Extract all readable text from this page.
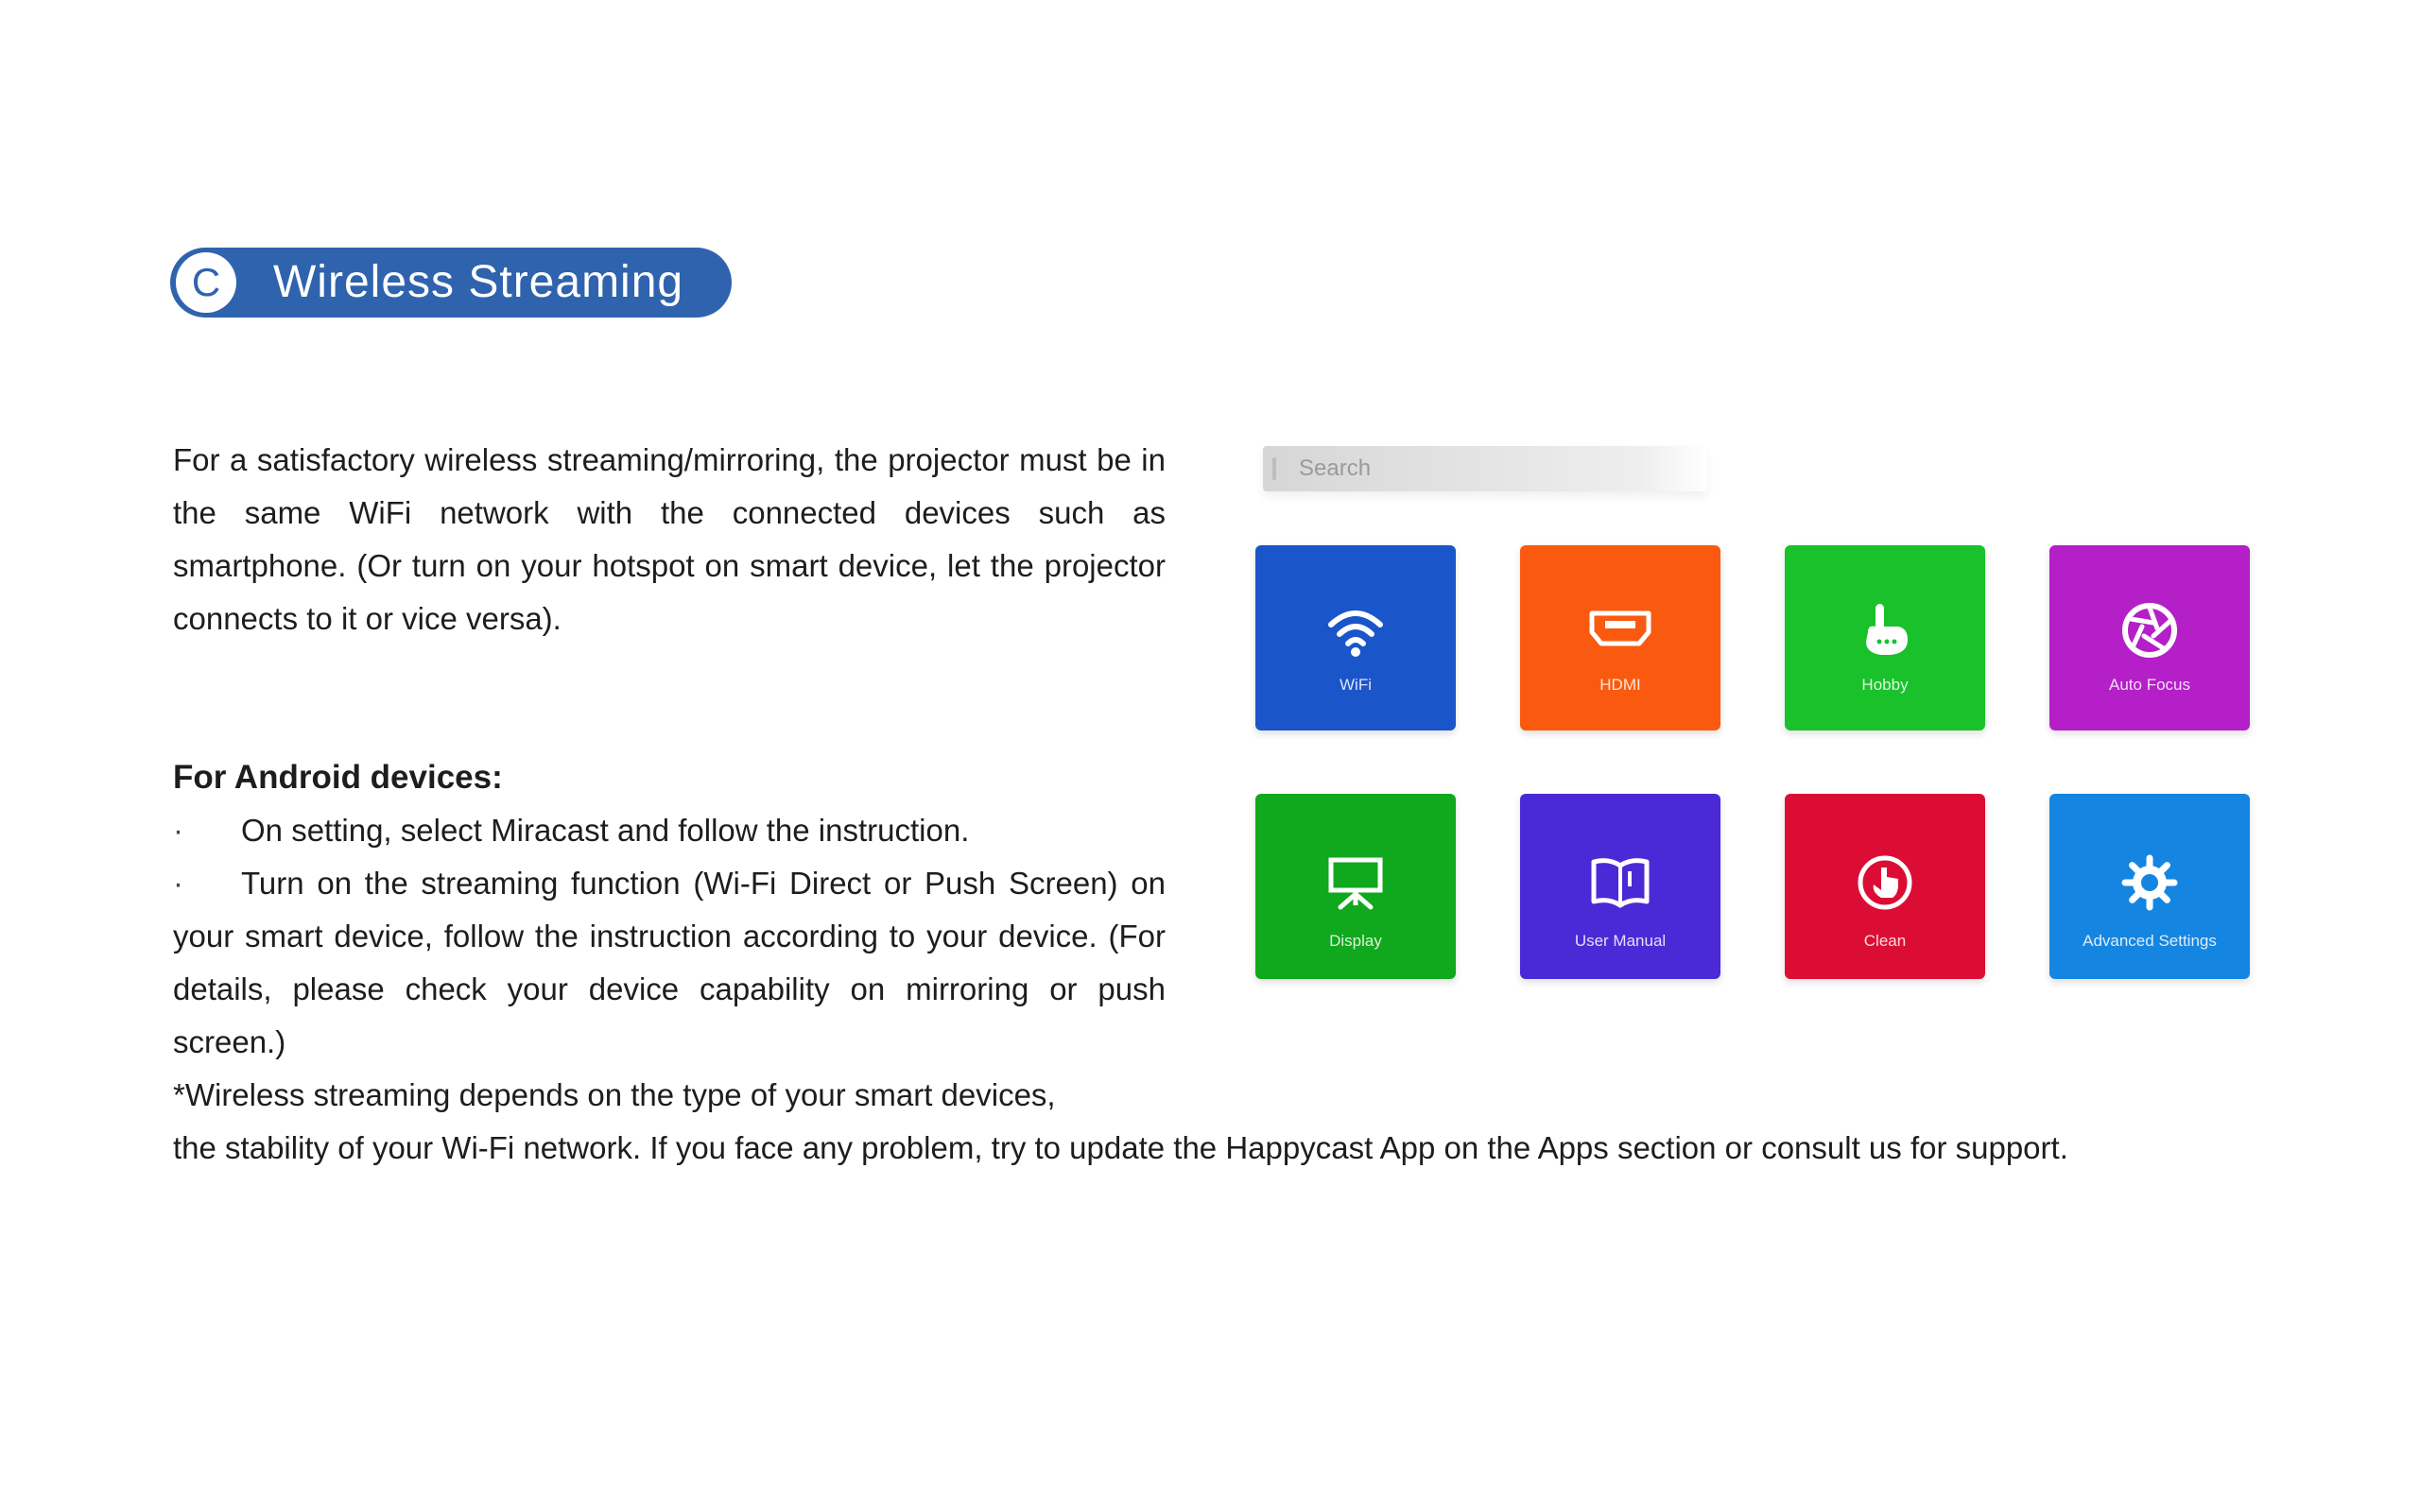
C	Wireless Streaming
For a satisfactory wireless streaming/mirroring, the projector must be in the same WiFi network with the connected devices such as smartphone. (Or turn on your hotspot on smart device, let the projector connects to it or vice versa).
For Android devices:
· On setting, select Miracast and follow the instruction.
· Turn on the streaming function (Wi-Fi Direct or Push Screen) on your smart device, follow the instruction according to your device. (For details, please check your device capability on mirroring or push screen.)
*Wireless streaming depends on the type of your smart devices,
the stability of your Wi-Fi network. If you face any problem, try to update the Happycast App on the Apps section or consult us for support.
Search
WiFi	HDMI	Hobby	Auto Focus
Display	User Manual	Clean	Advanced Settings
